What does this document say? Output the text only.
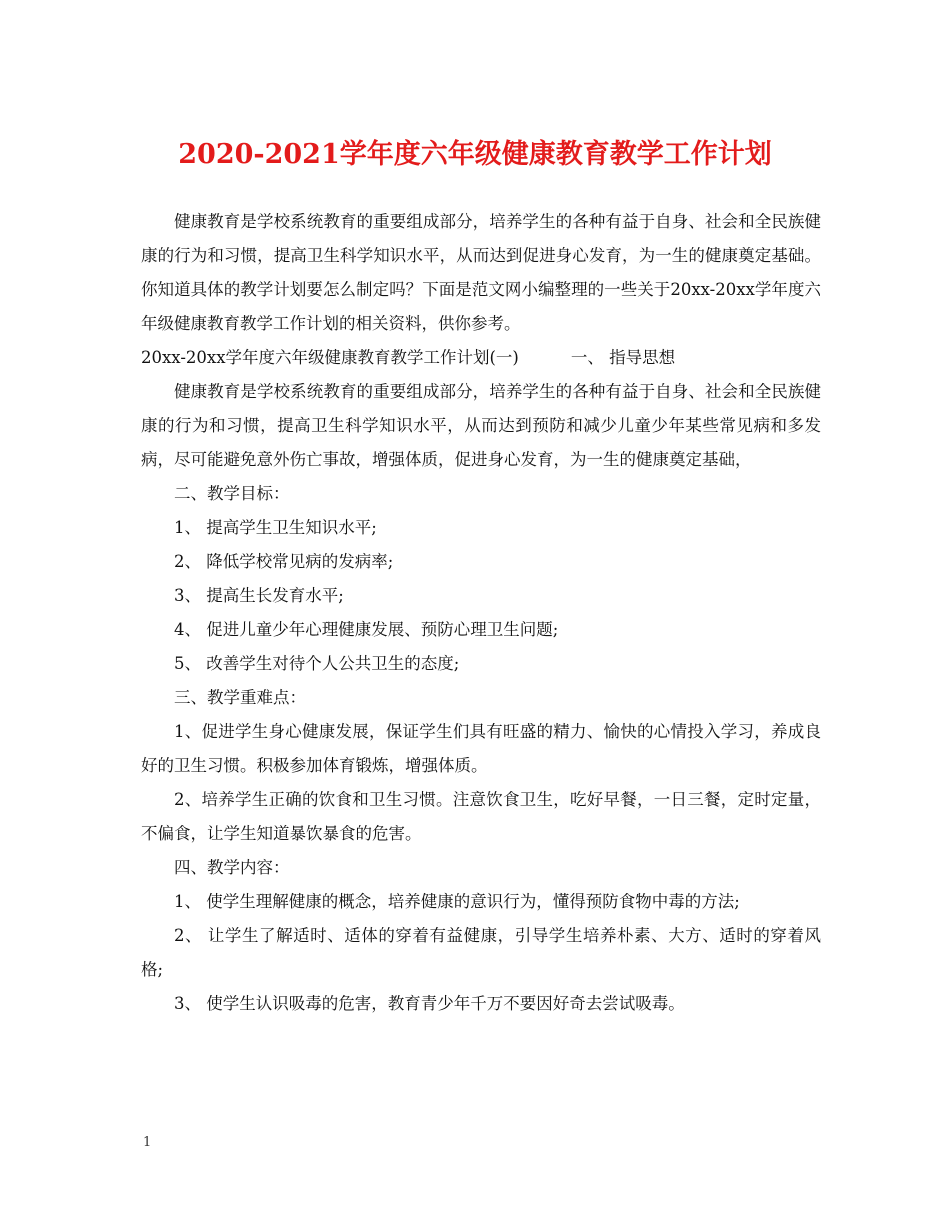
2020-2021学年度六年级健康教育教学工作计划

健康教育是学校系统教育的重要组成部分，培养学生的各种有益于自身、社会和全民族健康的行为和习惯，提高卫生科学知识水平，从而达到促进身心发育，为一生的健康奠定基础。你知道具体的教学计划要怎么制定吗？下面是范文网小编整理的一些关于20xx-20xx学年度六年级健康教育教学工作计划的相关资料，供你参考。

20xx-20xx学年度六年级健康教育教学工作计划(一)	一、 指导思想

健康教育是学校系统教育的重要组成部分，培养学生的各种有益于自身、社会和全民族健康的行为和习惯，提高卫生科学知识水平，从而达到预防和减少儿童少年某些常见病和多发病，尽可能避免意外伤亡事故，增强体质，促进身心发育，为一生的健康奠定基础，

二、教学目标：

1、 提高学生卫生知识水平;

2、 降低学校常见病的发病率;

3、 提高生长发育水平;

4、 促进儿童少年心理健康发展、预防心理卫生问题;

5、 改善学生对待个人公共卫生的态度;

三、教学重难点：

1、促进学生身心健康发展，保证学生们具有旺盛的精力、愉快的心情投入学习，养成良好的卫生习惯。积极参加体育锻炼，增强体质。

2、培养学生正确的饮食和卫生习惯。注意饮食卫生，吃好早餐，一日三餐，定时定量，不偏食，让学生知道暴饮暴食的危害。

四、教学内容：

1、 使学生理解健康的概念，培养健康的意识行为，懂得预防食物中毒的方法;

2、 让学生了解适时、适体的穿着有益健康，引导学生培养朴素、大方、适时的穿着风格;

3、 使学生认识吸毒的危害，教育青少年千万不要因好奇去尝试吸毒。

1
